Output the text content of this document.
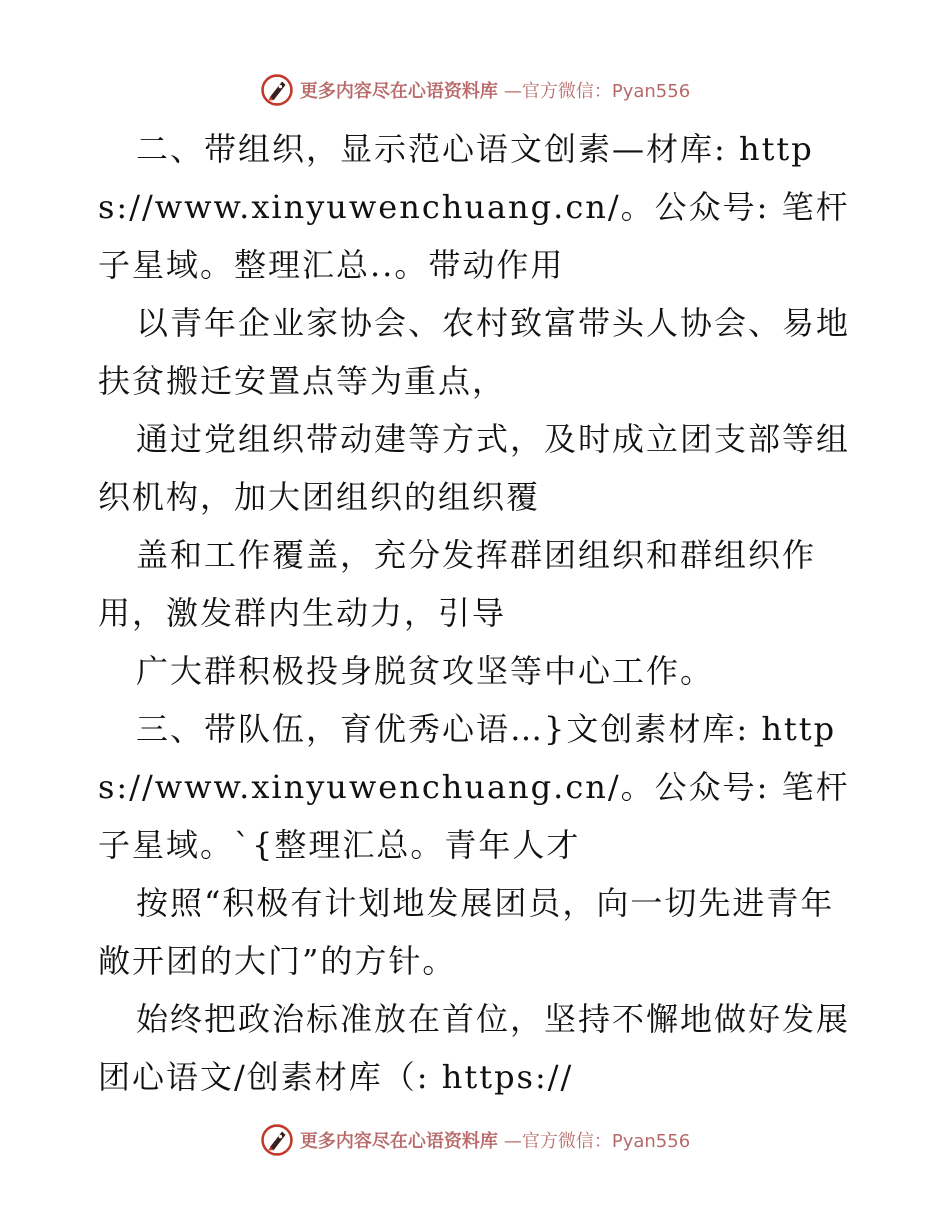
更多内容尽在心语资料库 —官方微信：Pyan556

二、带组织，显示范心语文创素—材库: https://www.xinyuwenchuang.cn/。公众号: 笔杆子星域。整理汇总..。带动作用

以青年企业家协会、农村致富带头人协会、易地扶贫搬迁安置点等为重点，

通过党组织带动建等方式，及时成立团支部等组织机构，加大团组织的组织覆

盖和工作覆盖，充分发挥群团组织和群组织作用，激发群内生动力，引导

广大群积极投身脱贫攻坚等中心工作。

三、带队伍，育优秀心语…}文创素材库: https://www.xinyuwenchuang.cn/。公众号: 笔杆子星域。`{整理汇总。青年人才

按照“积极有计划地发展团员，向一切先进青年敞开团的大门”的方针。

始终把政治标准放在首位，坚持不懈地做好发展团心语文/创素材库（: https://

更多内容尽在心语资料库 —官方微信：Pyan556
